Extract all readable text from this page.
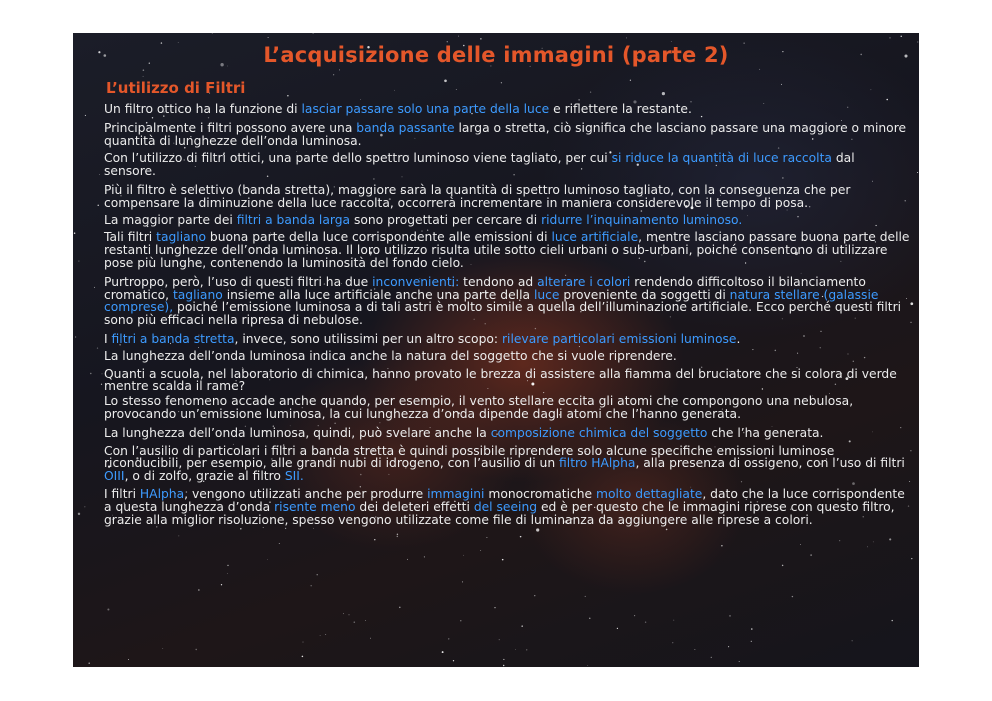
L’acquisizione delle immagini (parte 2)
L’utilizzo di Filtri

Un filtro ottico ha la funzione di lasciar passare solo una parte della luce e riflettere la restante.

Principalmente i filtri possono avere una banda passante larga o stretta, ciò significa che lasciano passare una maggiore o minore quantità di lunghezze dell’onda luminosa.

Con l’utilizzo di filtri ottici, una parte dello spettro luminoso viene tagliato, per cui si riduce la quantità di luce raccolta dal sensore.

Più il filtro è selettivo (banda stretta), maggiore sarà la quantità di spettro luminoso tagliato, con la conseguenza che per compensare la diminuzione della luce raccolta, occorrerà incrementare in maniera considerevole il tempo di posa.

La maggior parte dei filtri a banda larga sono progettati per cercare di ridurre l’inquinamento luminoso.

Tali filtri tagliano buona parte della luce corrispondente alle emissioni di luce artificiale, mentre lasciano passare buona parte delle restanti lunghezze dell’onda luminosa. Il loro utilizzo risulta utile sotto cieli urbani o sub-urbani, poiché consentono di utilizzare pose più lunghe, contenendo la luminosità del fondo cielo.

Purtroppo, però, l’uso di questi filtri ha due inconvenienti: tendono ad alterare i colori rendendo difficoltoso il bilanciamento cromatico, tagliano insieme alla luce artificiale anche una parte della luce proveniente da soggetti di natura stellare (galassie comprese), poiché l’emissione luminosa a di tali astri è molto simile a quella dell’illuminazione artificiale. Ecco perché questi filtri sono più efficaci nella ripresa di nebulose.

I filtri a banda stretta, invece, sono utilissimi per un altro scopo: rilevare particolari emissioni luminose.

La lunghezza dell’onda luminosa indica anche la natura del soggetto che si vuole riprendere.

Quanti a scuola, nel laboratorio di chimica, hanno provato le brezza di assistere alla fiamma del bruciatore che si colora di verde mentre scalda il rame?

Lo stesso fenomeno accade anche quando, per esempio, il vento stellare eccita gli atomi che compongono una nebulosa, provocando un’emissione luminosa, la cui lunghezza d’onda dipende dagli atomi che l’hanno generata.

La lunghezza dell’onda luminosa, quindi, può svelare anche la composizione chimica del soggetto che l’ha generata.

Con l’ausilio di particolari i filtri a banda stretta è quindi possibile riprendere solo alcune specifiche emissioni luminose riconducibili, per esempio, alle grandi nubi di idrogeno, con l’ausilio di un filtro HAlpha, alla presenza di ossigeno, con l’uso di filtri OIII, o di zolfo, grazie al filtro SII.

I filtri HAlpha, vengono utilizzati anche per produrre immagini monocromatiche molto dettagliate, dato che la luce corrispondente a questa lunghezza d’onda risente meno dei deleteri effetti del seeing ed è per questo che le immagini riprese con questo filtro, grazie alla miglior risoluzione, spesso vengono utilizzate come file di luminanza da aggiungere alle riprese a colori.
